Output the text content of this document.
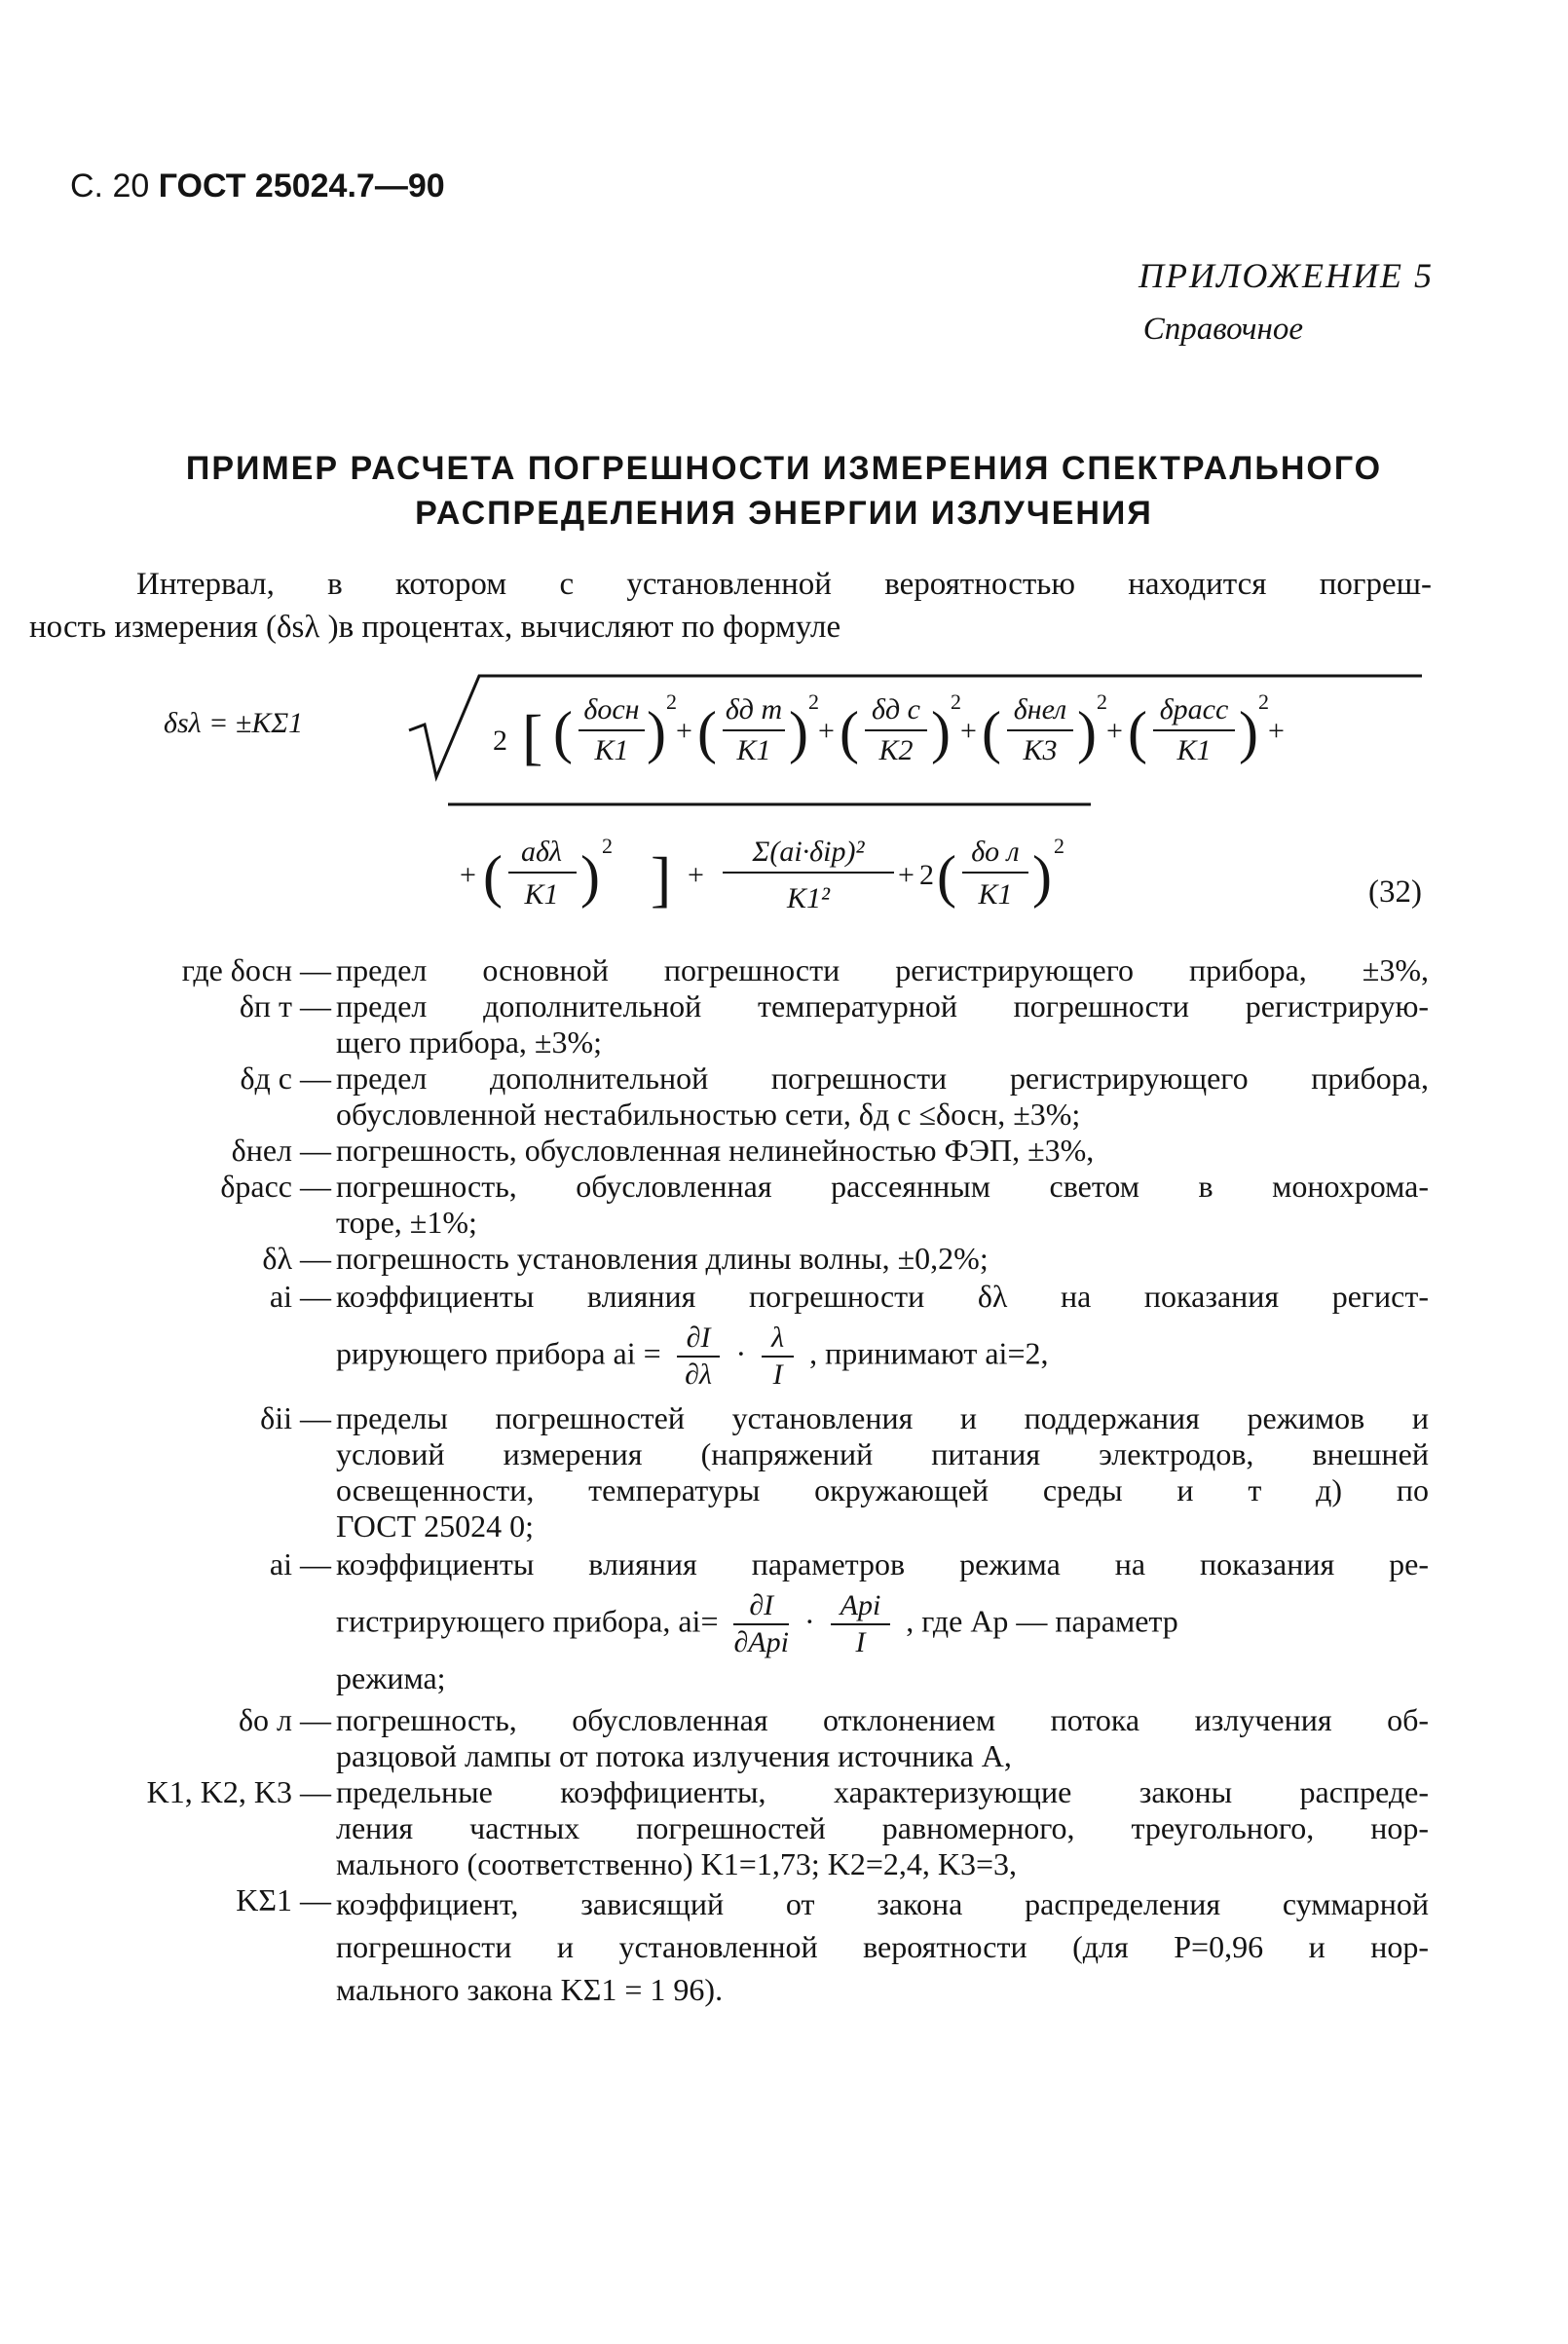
С. 20 ГОСТ 25024.7—90
ПРИЛОЖЕНИЕ 5
Справочное
ПРИМЕР РАСЧЕТА ПОГРЕШНОСТИ ИЗМЕРЕНИЯ СПЕКТРАЛЬНОГО
РАСПРЕДЕЛЕНИЯ ЭНЕРГИИ ИЗЛУЧЕНИЯ
Интервал, в котором с установленной вероятностью находится погреш-
ность измерения (δsλ )в процентах, вычисляют по формуле
δsλ = ±KΣ1
2 [ ( δосн
K1 ) 2
+ ( δд т
K1 ) 2
+ ( δд с
K2 ) 2
+ ( δнел
K3 ) 2
+ ( δрасс
K1 ) 2
+
+ ( aδλ
K1 ) 2 ] +
Σ(ai·δip)²
K1²
+ 2 ( δо л
K1 ) 2
(32)
где δосн — предел основной погрешности регистрирующего прибора, ±3%,
δп т — предел дополнительной температурной погрешности регистрирую-
щего прибора, ±3%;
δд с — предел дополнительной погрешности регистрирующего прибора,
обусловленной нестабильностью сети, δд с ≤δосн, ±3%;
δнел — погрешность, обусловленная нелинейностью ФЭП, ±3%,
δрасс — погрешность, обусловленная рассеянным светом в монохрома-
торе, ±1%;
δλ — погрешность установления длины волны, ±0,2%;
ai — коэффициенты влияния погрешности δλ на показания регист-
рирующего прибора ai = $\frac{\partial I}{\partial\lambda} \cdot \frac{\lambda}{I}$ , принимают ai=2,
δii — пределы погрешностей установления и поддержания режимов и
условий измерения (напряжений питания электродов, внешней
освещенности, температуры окружающей среды и т д) по
ГОСТ 25024 0;
ai — коэффициенты влияния параметров режима на показания ре-
гистрирующего прибора, $ai= \frac{\partial I}{\text{∂Api}} \cdot \frac{\text{Api}}{I}$ , где Aр — параметр
режима;
δо л — погрешность, обусловленная отклонением потока излучения об-
разцовой лампы от потока излучения источника A,
K1, K2, K3 — предельные коэффициенты, характеризующие законы распреде-
ления частных погрешностей равномерного, треугольного, нор-
мального (соответственно) K1=1,73; K2=2,4, K3=3,
KΣ1 — коэффициент, зависящий от закона распределения суммарной
погрешности и установленной вероятности (для P=0,96 и нор-
мального закона KΣ1 = 1 96).
